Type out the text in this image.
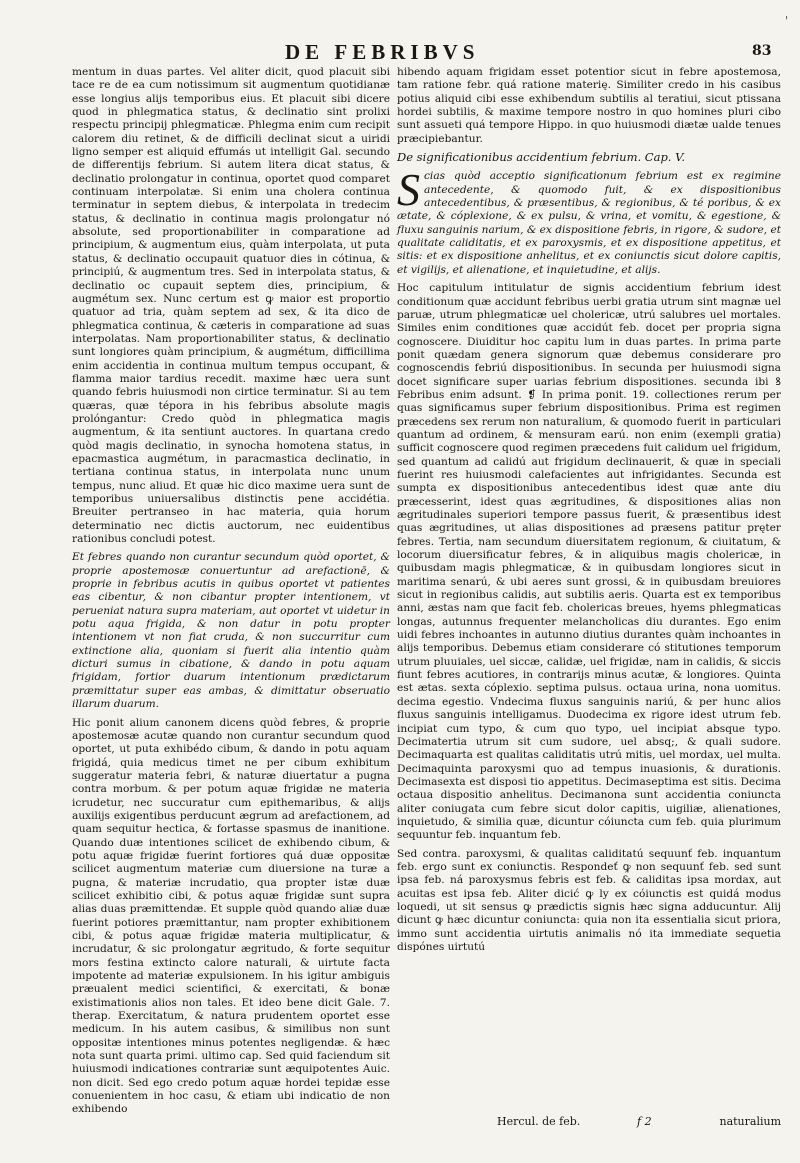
DE FEBRIBVS	83
'

mentum in duas partes. Vel aliter dicit, quod placuit sibi tace re de ea cum notissimum sit augmentum quotidianæ esse longius alijs temporibus eius. Et placuit sibi dicere quod in phlegmatica status, & declinatio sint prolixi respectu principij phlegmaticæ. Phlegma enim cum recipit calorem diu retinet, & de difficili declinat sicut a uiridi ligno semper est aliquid effumás ut intelligit Gal. secundo de differentijs febrium. Si autem litera dicat status, & declinatio prolongatur in continua, oportet quod comparet continuam interpolatæ. Si enim una cholera continua terminatur in septem diebus, & interpolata in tredecim status, & declinatio in continua magis prolongatur nó absolute, sed proportionabiliter in comparatione ad principium, & augmentum eius, quàm interpolata, ut puta status, & declinatio occupauit quatuor dies in cótinua, & principiú, & augmentum tres. Sed in interpolata status, & declinatio oc cupauit septem dies, principium, & augmétum sex. Nunc certum est ꝙ maior est proportio quatuor ad tria, quàm septem ad sex, & ita dico de phlegmatica continua, & cæteris in comparatione ad suas interpolatas. Nam proportionabiliter status, & declinatio sunt longiores quàm principium, & augmétum, difficillima enim accidentia in continua multum tempus occupant, & flamma maior tardius recedit. maxime hæc uera sunt quando febris huiusmodi non cirtice terminatur. Si au tem quæras, quæ tépora in his febribus absolute magis prolóngantur: Credo quòd in phlegmatica magis augmentum, & ita sentiunt auctores. In quartana credo quòd magis declinatio, in synocha homotena status, in epacmastica augmétum, in paracmastica declinatio, in tertiana continua status, in interpolata nunc unum tempus, nunc aliud. Et quæ hic dico maxime uera sunt de temporibus uniuersalibus distinctis pene accidétia. Breuiter pertranseo in hac materia, quia horum determinatio nec dictis auctorum, nec euidentibus rationibus concludi potest.

Et febres quando non curantur secundum quòd oportet, & proprie apostemosæ conuertuntur ad arefactionē, & proprie in febribus acutis in quibus oportet vt patientes eas cibentur, & non cibantur propter intentionem, vt perueniat natura supra materiam, aut oportet vt uidetur in potu aqua frigida, & non datur in potu propter intentionem vt non fiat cruda, & non succurritur cum extinctione alia, quoniam si fuerit alia intentio quàm dicturi sumus in cibatione, & dando in potu aquam frigidam, fortior duarum intentionum prædictarum præmittatur super eas ambas, & dimittatur obseruatio illarum duarum.

Hic ponit alium canonem dicens quòd febres, & proprie apostemosæ acutæ quando non curantur secundum quod oportet, ut puta exhibédo cibum, & dando in potu aquam frigidá, quia medicus timet ne per cibum exhibitum suggeratur materia febri, & naturæ diuertatur a pugna contra morbum. & per potum aquæ frigidæ ne materia icrudetur, nec succuratur cum epithemaribus, & alijs auxilijs exigentibus perducunt ægrum ad arefactionem, ad quam sequitur hectica, & fortasse spasmus de inanitione. Quando duæ intentiones scilicet de exhibendo cibum, & potu aquæ frigidæ fuerint fortiores quá duæ oppositæ scilicet augmentum materiæ cum diuersione na turæ a pugna, & materiæ incrudatio, qua propter istæ duæ scilicet exhibitio cibi, & potus aquæ frigidæ sunt supra alias duas præmittendæ. Et supple quòd quando aliæ duæ fuerint potiores præmittantur, nam propter exhibitionem cibi, & potus aquæ frigidæ materia multiplicatur, & incrudatur, & sic prolongatur ægritudo, & forte sequitur mors festina extincto calore naturali, & uirtute facta impotente ad materiæ expulsionem. In his igitur ambiguis præualent medici scientifici, & exercitati, & bonæ existimationis alios non tales. Et ideo bene dicit Gale. 7. therap. Exercitatum, & natura prudentem oportet esse medicum. In his autem casibus, & similibus non sunt oppositæ intentiones minus potentes negligendæ. & hæc nota sunt quarta primi. ultimo cap. Sed quid faciendum sit huiusmodi indicationes contrariæ sunt æquipotentes Auic. non dicit. Sed ego credo potum aquæ hordei tepidæ esse conuenientem in hoc casu, & etiam ubi indicatio de non exhibendo

hibendo aquam frigidam esset potentior sicut in febre apostemosa, tam ratione febr. quá ratione materię. Similiter credo in his casibus potius aliquid cibi esse exhibendum subtilis al teratiui, sicut ptissana hordei subtilis, & maxime tempore nostro in quo homines pluri cibo sunt assueti quá tempore Hippo. in quo huiusmodi diætæ ualde tenues præcipiebantur.

De significationibus accidentium febrium. Cap. V.

Scias quòd acceptio significationum febrium est ex regimine antecedente, & quomodo fuit, & ex dispositionibus antecedentibus, & præsentibus, & regionibus, & té poribus, & ex ætate, & cóplexione, & ex pulsu, & vrina, et vomitu, & egestione, & fluxu sanguinis narium, & ex dispositione febris, in rigore, & sudore, et qualitate caliditatis, et ex paroxysmis, et ex dispositione appetitus, et sitis: et ex dispositione anhelitus, et ex coniunctis sicut dolore capitis, et vigilijs, et alienatione, et inquietudine, et alijs.

Hoc capitulum intitulatur de signis accidentium febrium idest conditionum quæ accidunt febribus uerbi gratia utrum sint magnæ uel paruæ, utrum phlegmaticæ uel cholericæ, utrú salubres uel mortales. Similes enim conditiones quæ accidút feb. docet per propria signa cognoscere. Diuiditur hoc capitu lum in duas partes. In prima parte ponit quædam genera signorum quæ debemus considerare pro cognoscendis febriú dispositionibus. In secunda per huiusmodi signa docet significare super uarias febrium dispositiones. secunda ibi ꝸ Febribus enim adsunt. ❡ In prima ponit. 19. collectiones rerum per quas significamus super febrium dispositionibus. Prima est regimen præcedens sex rerum non naturalium, & quomodo fuerit in particulari quantum ad ordinem, & mensuram earú. non enim (exempli gratia) sufficit cognoscere quod regimen præcedens fuit calidum uel frigidum, sed quantum ad calidú aut frigidum declinauerit, & quæ in speciali fuerint res huiusmodi calefacientes aut infrigidantes. Secunda est sumpta ex dispositionibus antecedentibus idest quæ ante diu præcesserint, idest quas ægritudines, & dispositiones alias non ægritudinales superiori tempore passus fuerit, & præsentibus idest quas ægritudines, ut alias dispositiones ad præsens patitur pręter febres. Tertia, nam secundum diuersitatem regionum, & ciuitatum, & locorum diuersificatur febres, & in aliquibus magis cholericæ, in quibusdam magis phlegmaticæ, & in quibusdam longiores sicut in maritima senarú, & ubi aeres sunt grossi, & in quibusdam breuiores sicut in regionibus calidis, aut subtilis aeris. Quarta est ex temporibus anni, æstas nam que facit feb. cholericas breues, hyems phlegmaticas longas, autunnus frequenter melancholicas diu durantes. Ego enim uidi febres inchoantes in autunno diutius durantes quàm inchoantes in alijs temporibus. Debemus etiam considerare có stitutiones temporum utrum pluuiales, uel siccæ, calidæ, uel frigidæ, nam in calidis, & siccis fiunt febres acutiores, in contrarijs minus acutæ, & longiores. Quinta est ætas. sexta cóplexio. septima pulsus. octaua urina, nona uomitus. decima egestio. Vndecima fluxus sanguinis nariú, & per hunc alios fluxus sanguinis intelligamus. Duodecima ex rigore idest utrum feb. incipiat cum typo, & cum quo typo, uel incipiat absque typo. Decimatertia utrum sit cum sudore, uel absq;, & quali sudore. Decimaquarta est qualitas caliditatis utrú mitis, uel mordax, uel multa. Decimaquinta paroxysmi quo ad tempus inuasionis, & durationis. Decimasexta est disposi tio appetitus. Decimaseptima est sitis. Decima octaua dispositio anhelitus. Decimanona sunt accidentia coniuncta aliter coniugata cum febre sicut dolor capitis, uigiliæ, alienationes, inquietudo, & similia quæ, dicuntur cóiuncta cum feb. quia plurimum sequuntur feb. inquantum feb.

Sed contra. paroxysmi, & qualitas caliditatú sequunť feb. inquantum feb. ergo sunt ex coniunctis. Respondeť ꝙ non sequunť feb. sed sunt ipsa feb. ná paroxysmus febris est feb. & caliditas ipsa mordax, aut acuitas est ipsa feb. Aliter dicić ꝙ ly ex cóiunctis est quidá modus loquedi, ut sit sensus ꝙ prædictis signis hæc signa adducuntur. Alij dicunt ꝙ hæc dicuntur coniuncta: quia non ita essentialia sicut priora, immo sunt accidentia uirtutis animalis nó ita immediate sequetia dispónes uirtutú

Hercul. de feb.	f 2	naturalium
